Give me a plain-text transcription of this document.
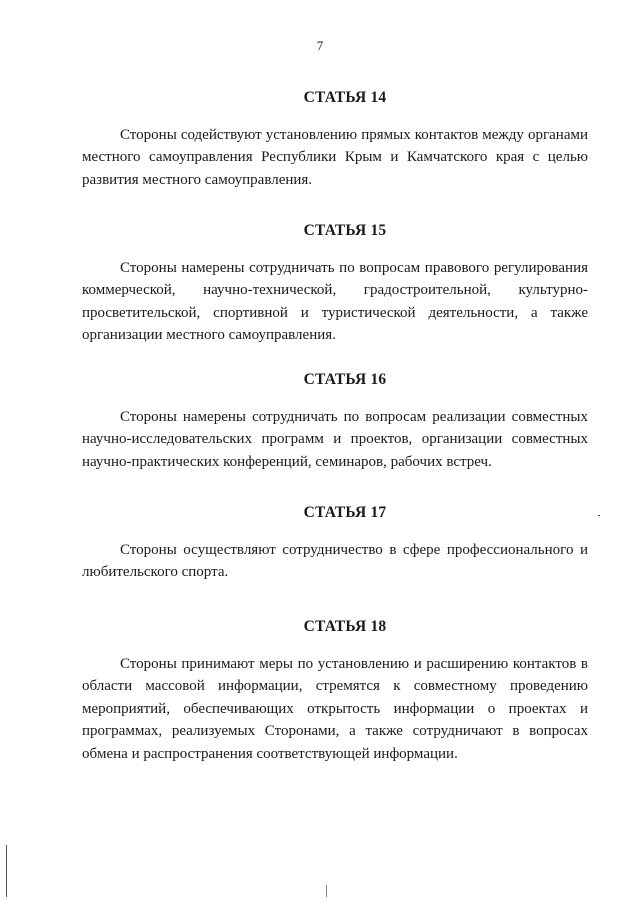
7
СТАТЬЯ 14

Стороны содействуют установлению прямых контактов между органами местного самоуправления Республики Крым и Камчатского края с целью развития местного самоуправления.

СТАТЬЯ 15

Стороны намерены сотрудничать по вопросам правового регулирования коммерческой, научно-технической, градостроительной, культурно-просветительской, спортивной и туристической деятельности, а также организации местного самоуправления.

СТАТЬЯ 16

Стороны намерены сотрудничать по вопросам реализации совместных научно-исследовательских программ и проектов, организации совместных научно-практических конференций, семинаров, рабочих встреч.

СТАТЬЯ 17

Стороны осуществляют сотрудничество в сфере профессионального и любительского спорта.

СТАТЬЯ 18

Стороны принимают меры по установлению и расширению контактов в области массовой информации, стремятся к совместному проведению мероприятий, обеспечивающих открытость информации о проектах и программах, реализуемых Сторонами, а также сотрудничают в вопросах обмена и распространения соответствующей информации.
